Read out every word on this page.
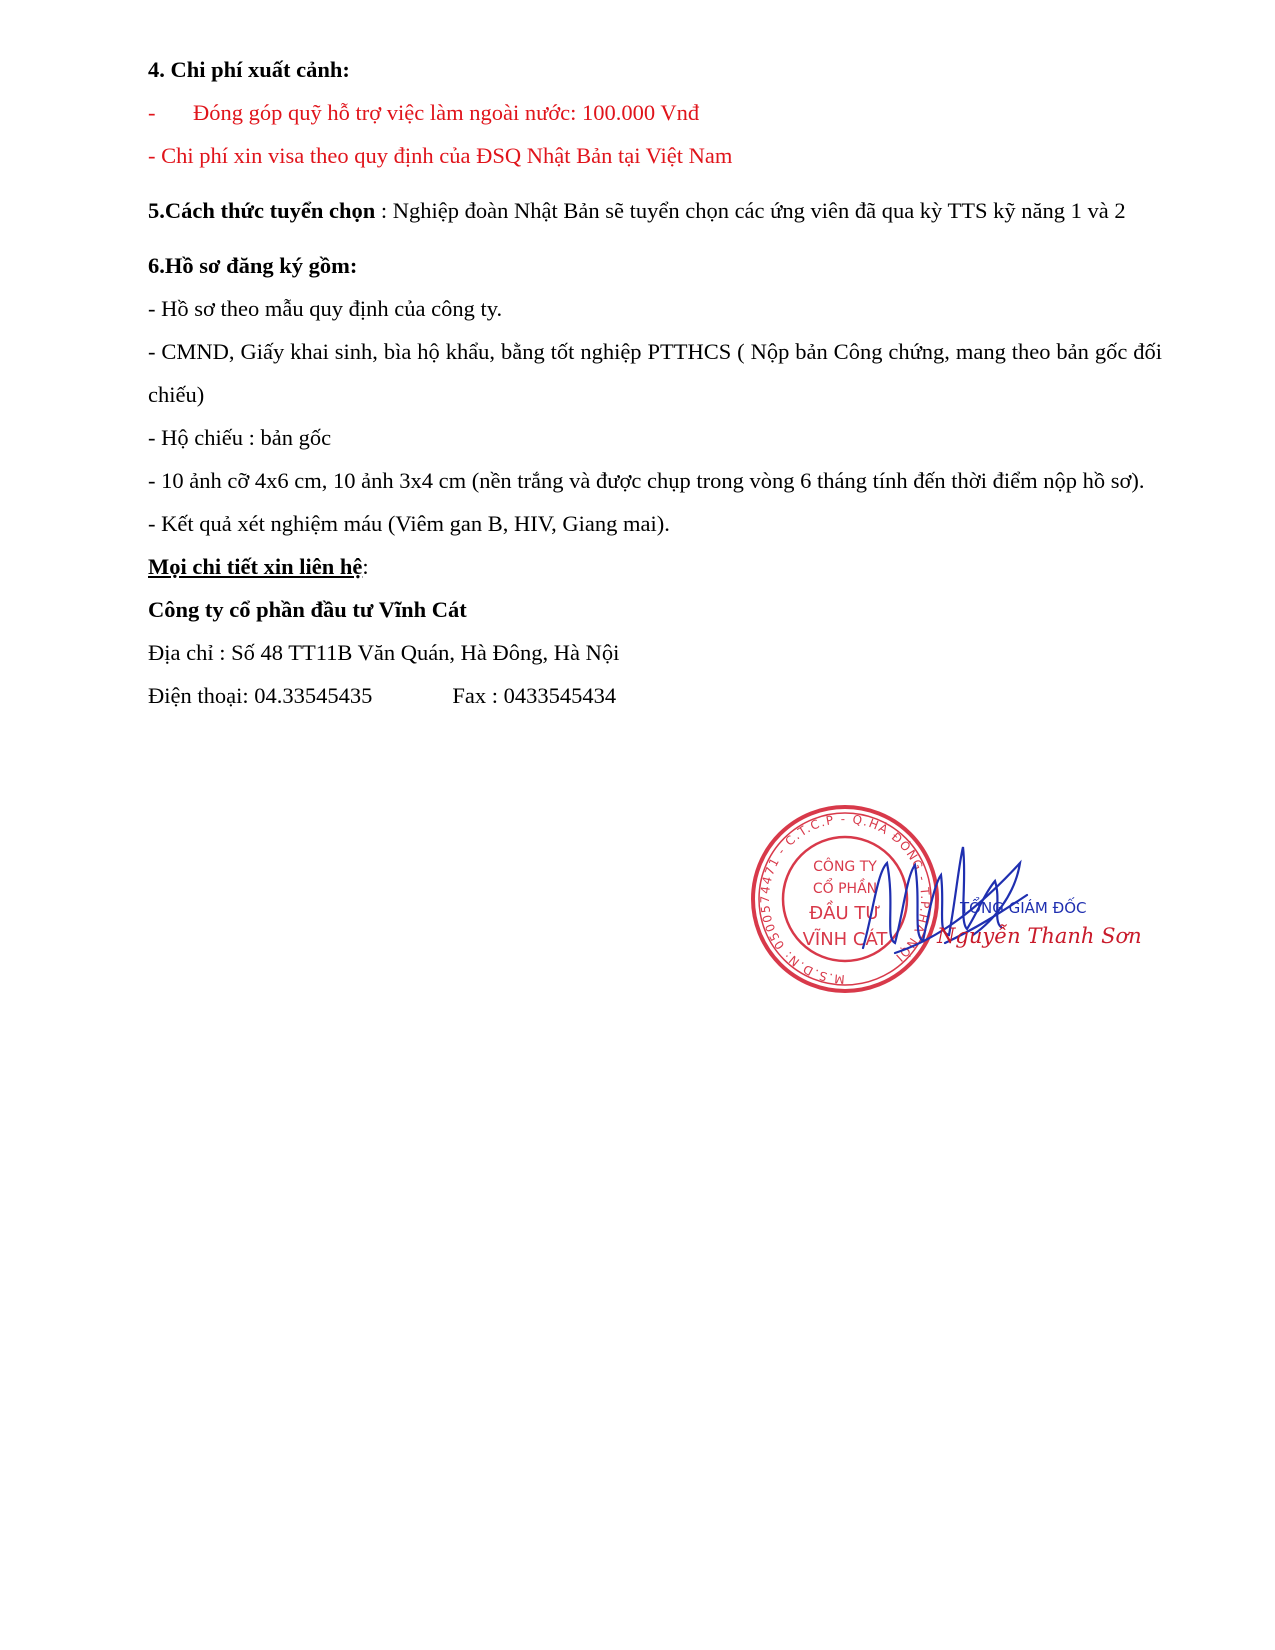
4. Chi phí xuất cảnh:
- Đóng góp quỹ hỗ trợ việc làm ngoài nước: 100.000 Vnđ
- Chi phí xin visa theo quy định của ĐSQ Nhật Bản tại Việt Nam
5.Cách thức tuyển chọn : Nghiệp đoàn Nhật Bản sẽ tuyển chọn các ứng viên đã qua kỳ TTS kỹ năng 1 và 2
6.Hồ sơ đăng ký gồm:
- Hồ sơ theo mẫu quy định của công ty.
- CMND, Giấy khai sinh, bìa hộ khẩu, bằng tốt nghiệp PTTHCS ( Nộp bản Công chứng, mang theo bản gốc đối chiếu)
- Hộ chiếu : bản gốc
- 10 ảnh cỡ 4x6 cm, 10 ảnh 3x4 cm (nền trắng và được chụp trong vòng 6 tháng tính đến thời điểm nộp hồ sơ).
- Kết quả xét nghiệm máu (Viêm gan B, HIV, Giang mai).
Mọi chi tiết xin liên hệ:
Công ty cổ phần đầu tư Vĩnh Cát
Địa chỉ : Số 48 TT11B Văn Quán, Hà Đông, Hà Nội
Điện thoại: 04.33545435	Fax : 0433545434
M.S.D.N: 0500574471 - C.T.C.P - Q.HÀ ĐÔNG - T.P.HÀ NỘI
CÔNG TY
CỔ PHẦN
ĐẦU TƯ
VĨNH CÁT
TỔNG GIÁM ĐỐC
Nguyễn Thanh Sơn
